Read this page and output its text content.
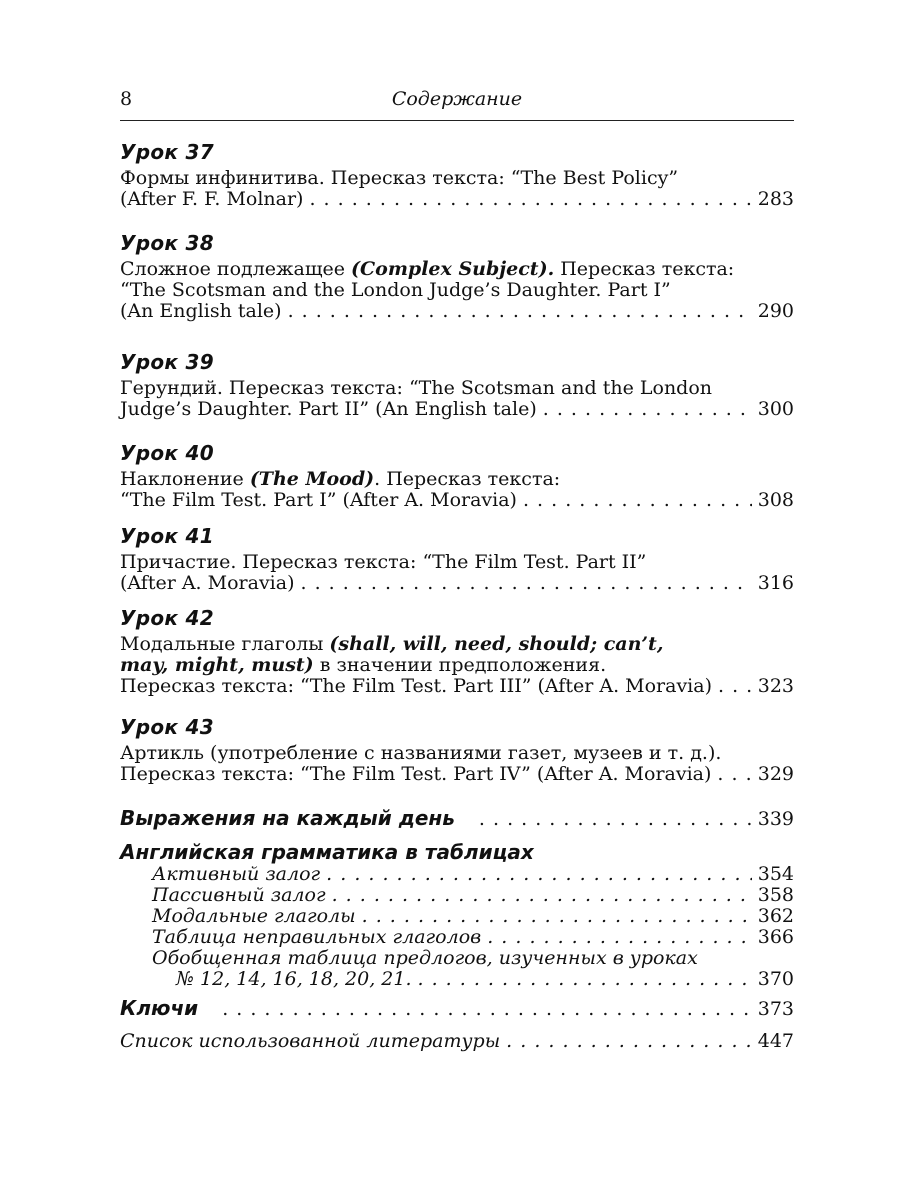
8	Содержание
Урок 37
Формы инфинитива. Пересказ текста: “The Best Policy”
(After F. F. Molnar) . . .	283
Урок 38
Сложное подлежащее (Complex Subject). Пересказ текста:
“The Scotsman and the London Judge’s Daughter. Part I”
(An English tale) . . .	290
Урок 39
Герундий. Пересказ текста: “The Scotsman and the London
Judge’s Daughter. Part II” (An English tale) . . .	300
Урок 40
Наклонение (The Mood). Пересказ текста:
“The Film Test. Part I” (After A. Moravia) . . .	308
Урок 41
Причастие. Пересказ текста: “The Film Test. Part II”
(After A. Moravia) . . .	316
Урок 42
Модальные глаголы (shall, will, need, should; can’t,
may, might, must) в значении предположения.
Пересказ текста: “The Film Test. Part III” (After A. Moravia) . . . 323
Урок 43
Артикль (употребление с названиями газет, музеев и т. д.).
Пересказ текста: “The Film Test. Part IV” (After A. Moravia) . . . 329
Выражения на каждый день . . .	339
Английская грамматика в таблицах
Активный залог . . .	354
Пассивный залог . . .	358
Модальные глаголы . . .	362
Таблица неправильных глаголов . . .	366
Обобщенная таблица предлогов, изученных в уроках
№ 12, 14, 16, 18, 20, 21. . . .	370
Ключи . . .	373
Список использованной литературы . . .	447
